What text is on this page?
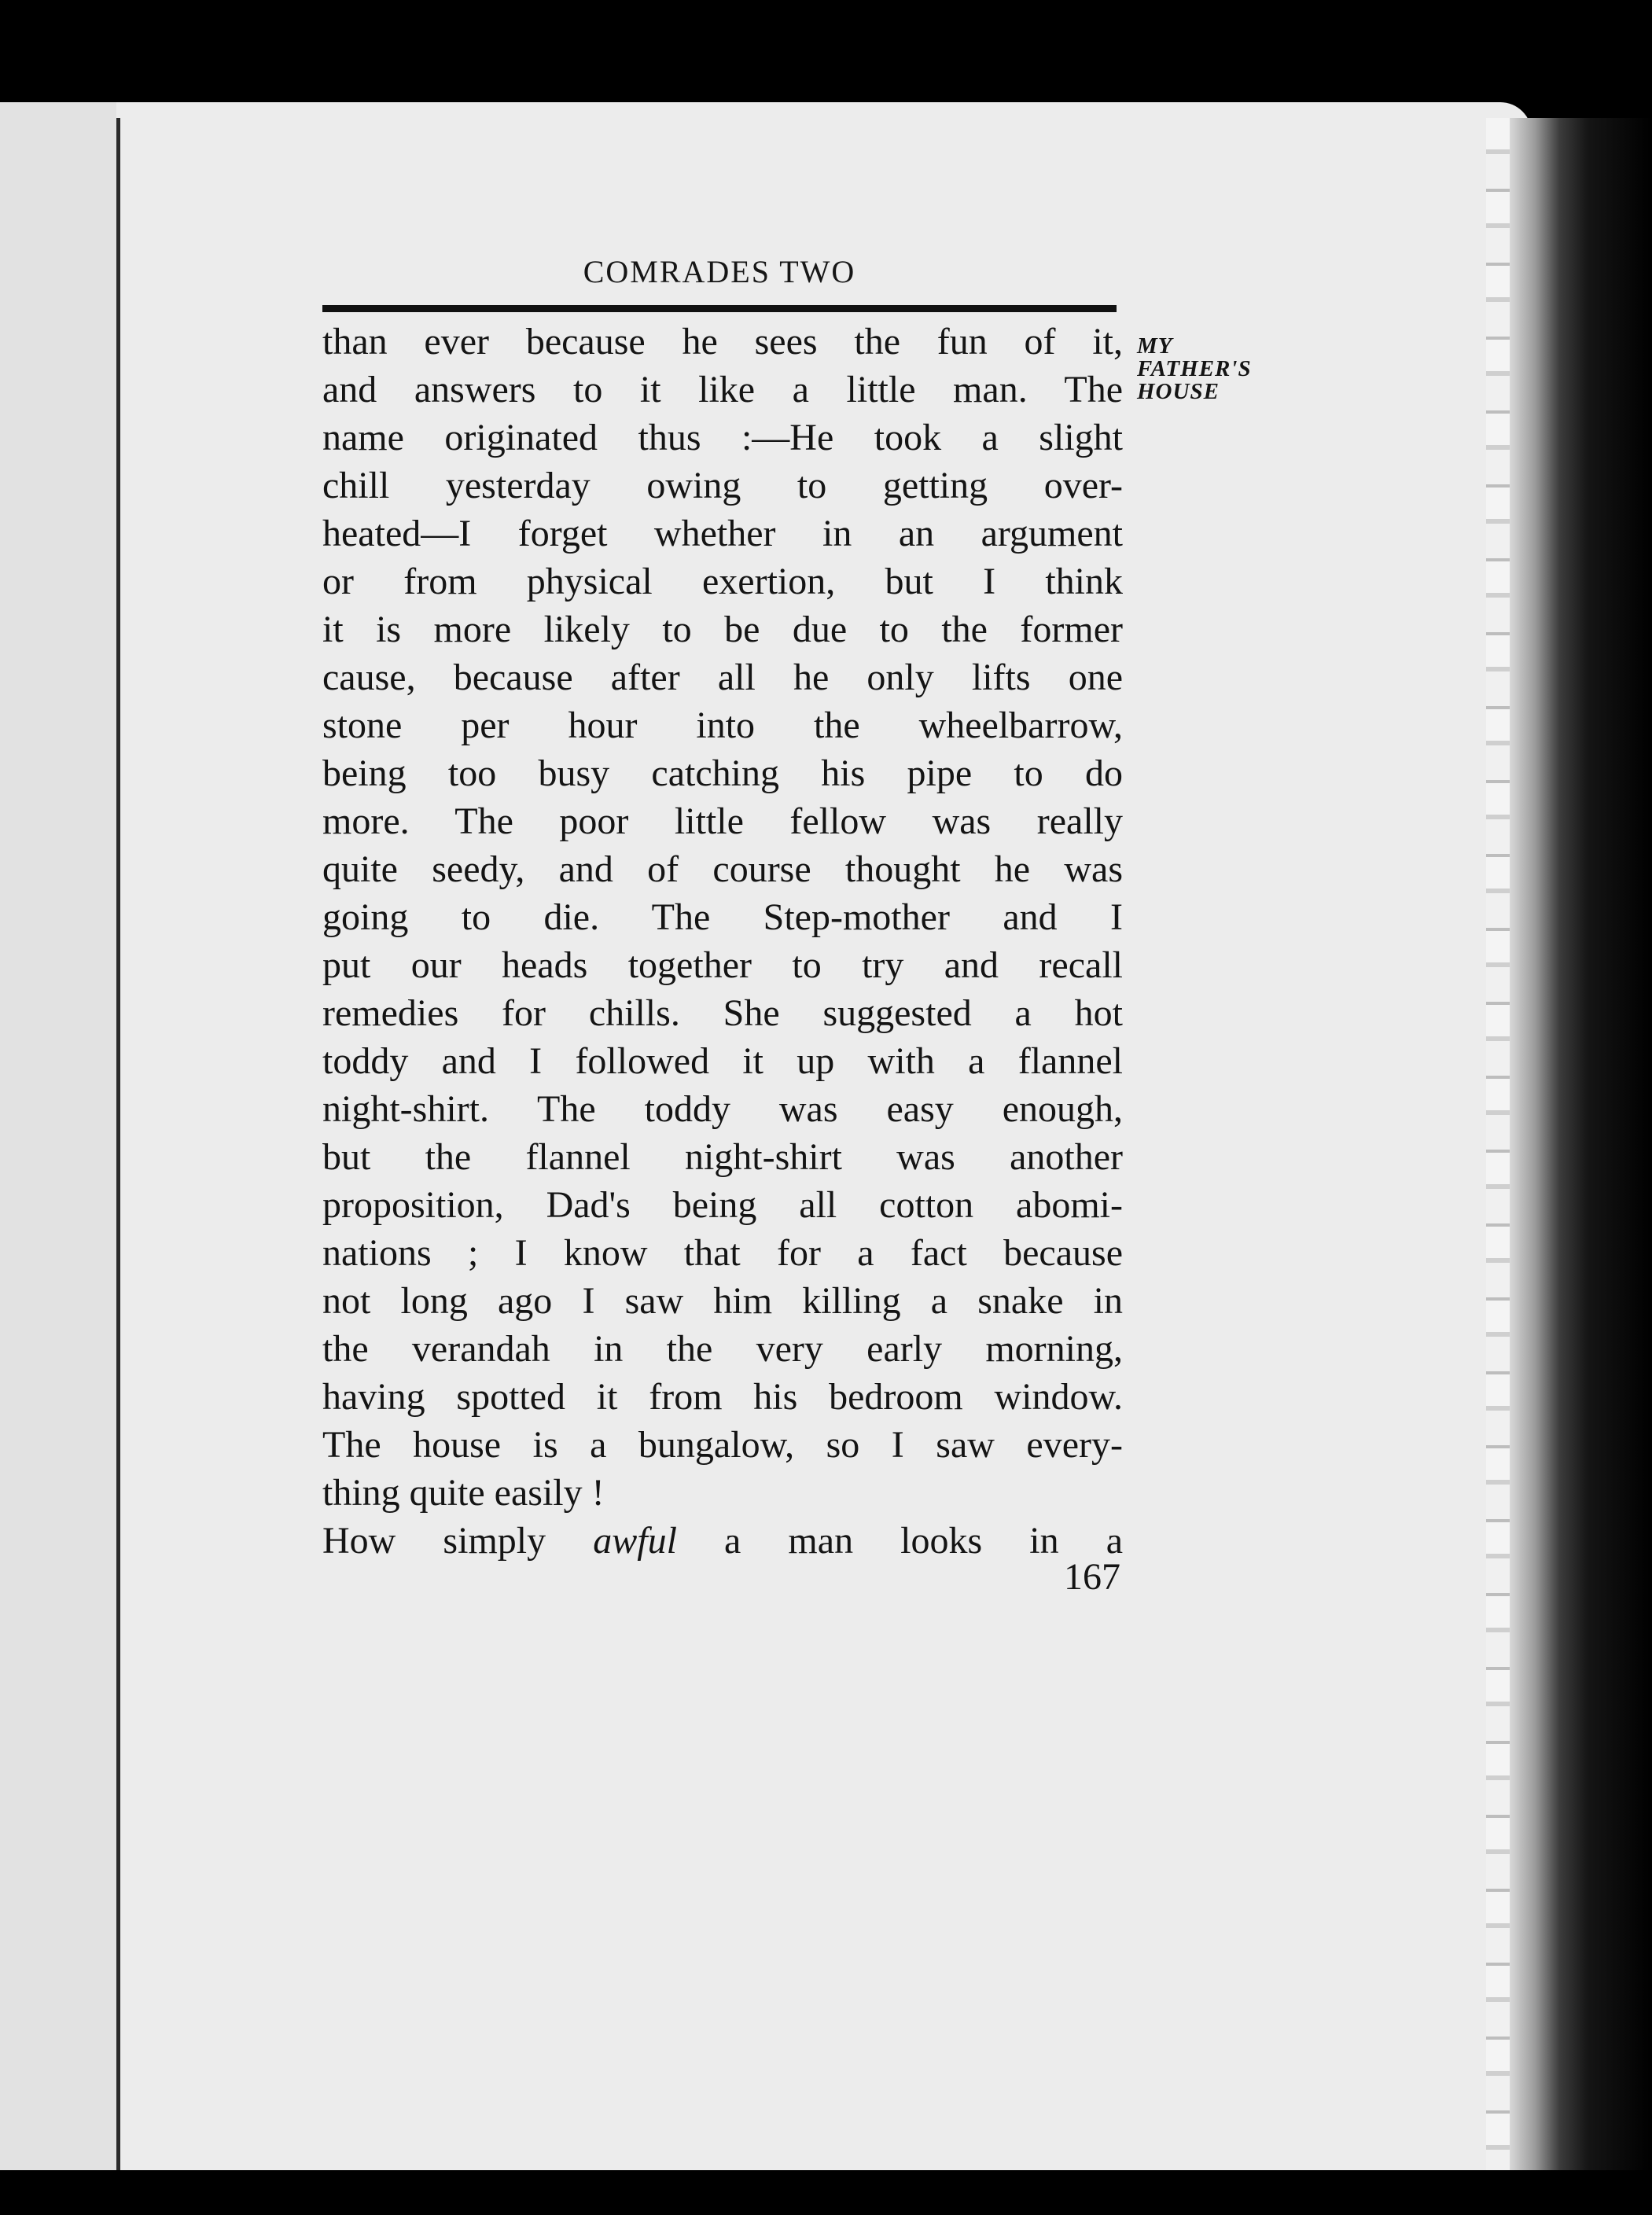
COMRADES TWO
MY
FATHER'S
HOUSE
than ever because he sees the fun of it,
and answers to it like a little man. The
name originated thus :—He took a slight
chill yesterday owing to getting over-
heated—I forget whether in an argument
or from physical exertion, but I think
it is more likely to be due to the former
cause, because after all he only lifts one
stone per hour into the wheelbarrow,
being too busy catching his pipe to do
more. The poor little fellow was really
quite seedy, and of course thought he was
going to die. The Step-mother and I
put our heads together to try and recall
remedies for chills. She suggested a hot
toddy and I followed it up with a flannel
night-shirt. The toddy was easy enough,
but the flannel night-shirt was another
proposition, Dad's being all cotton abomi-
nations ; I know that for a fact because
not long ago I saw him killing a snake in
the verandah in the very early morning,
having spotted it from his bedroom window.
The house is a bungalow, so I saw every-
thing quite easily !
How simply awful a man looks in a
167
